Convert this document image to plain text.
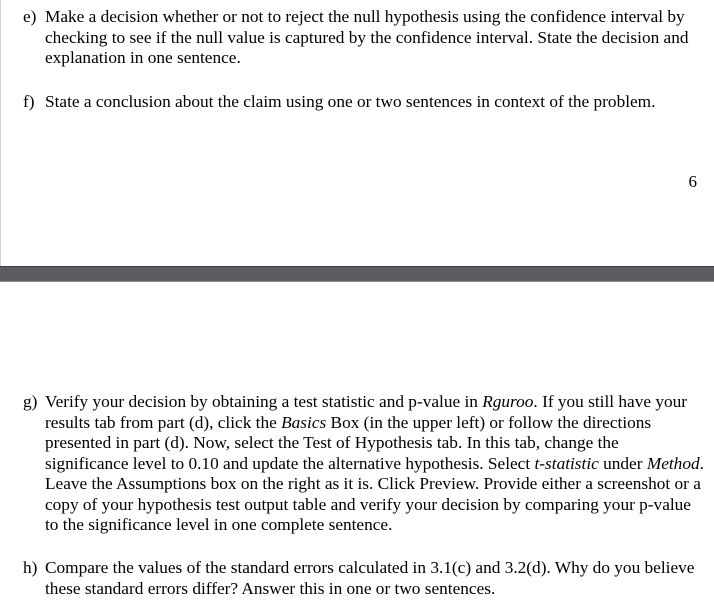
e) Make a decision whether or not to reject the null hypothesis using the confidence interval by checking to see if the null value is captured by the confidence interval. State the decision and explanation in one sentence.
f) State a conclusion about the claim using one or two sentences in context of the problem.
6
g) Verify your decision by obtaining a test statistic and p-value in Rguroo. If you still have your results tab from part (d), click the Basics Box (in the upper left) or follow the directions presented in part (d). Now, select the Test of Hypothesis tab. In this tab, change the significance level to 0.10 and update the alternative hypothesis. Select t-statistic under Method. Leave the Assumptions box on the right as it is. Click Preview. Provide either a screenshot or a copy of your hypothesis test output table and verify your decision by comparing your p-value to the significance level in one complete sentence.
h) Compare the values of the standard errors calculated in 3.1(c) and 3.2(d). Why do you believe these standard errors differ? Answer this in one or two sentences.
